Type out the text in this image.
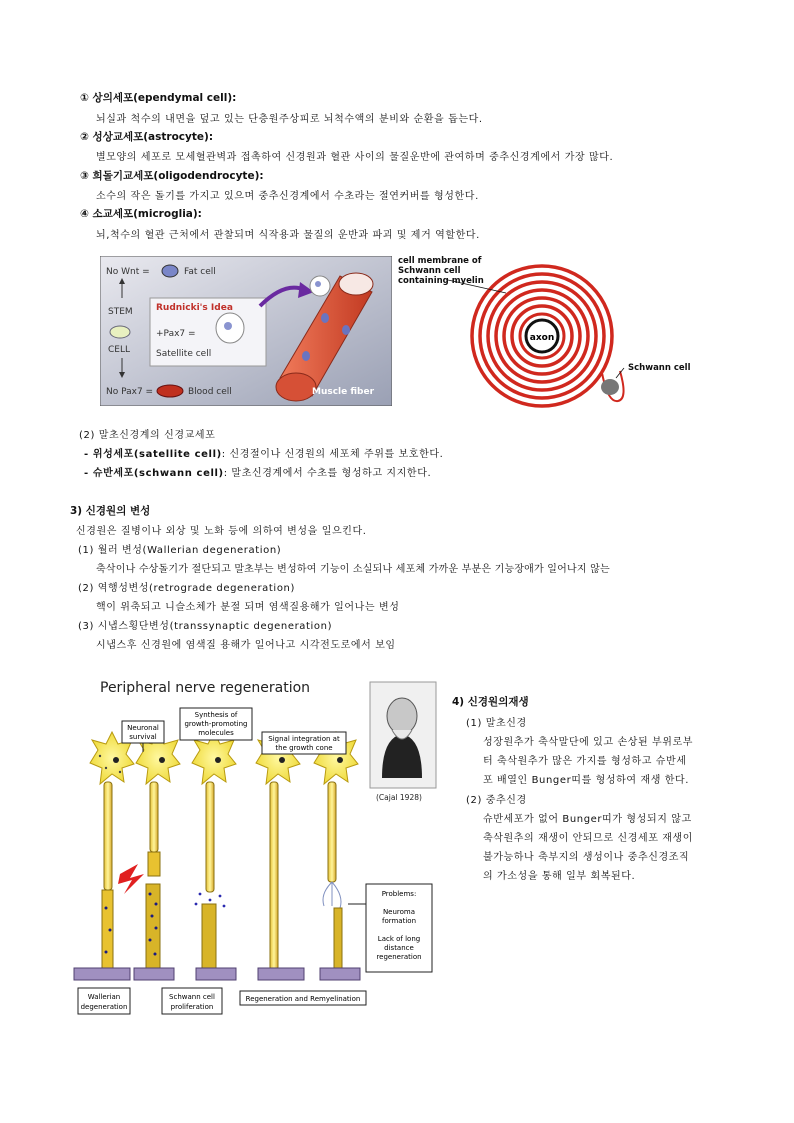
① 상의세포(ependymal cell):
뇌실과 척수의 내면을 덮고 있는 단층원주상피로 뇌척수액의 분비와 순환을 돕는다.
② 성상교세포(astrocyte):
별모양의 세포로 모세혈관벽과 접촉하여 신경원과 혈관 사이의 물질운반에 관여하며 중추신경계에서 가장 많다.
③ 희돌기교세포(oligodendrocyte):
소수의 작은 돌기를 가지고 있으며 중추신경계에서 수초라는 절연커버를 형성한다.
④ 소교세포(microglia):
뇌,척수의 혈관 근처에서 관찰되며 식작용과 물질의 운반과 파괴 및 제거 역할한다.
No Wnt =	Fat cell
STEM
CELL
No Pax7 =	Blood cell
Rudnicki's Idea
+Pax7 =
Satellite cell
Muscle fiber
cell membrane of
Schwann cell
containing myelin
axon
Schwann cell
(2) 말초신경계의 신경교세포
- 위성세포(satellite cell): 신경절이나 신경원의 세포체 주위를 보호한다.
- 슈반세포(schwann cell): 말초신경계에서 수초를 형성하고 지지한다.
3) 신경원의 변성
신경원은 질병이나 외상 및 노화 등에 의하여 변성을 일으킨다.
(1) 월러 변성(Wallerian degeneration)
축삭이나 수상돌기가 절단되고 말초부는 변성하여 기능이 소실되나 세포체 가까운 부분은 기능장애가 일어나지 않는
(2) 역행성변성(retrograde degeneration)
핵이 위축되고 니슬소체가 분절 되며 염색질용해가 일어나는 변성
(3) 시냅스횡단변성(transsynaptic degeneration)
시냅스후 신경원에 염색질 용해가 일어나고 시각전도로에서 보임
Peripheral nerve regeneration
Neuronal
survival
Synthesis of
growth-promoting
molecules
Signal integration at
the growth cone
(Cajal 1928)
Problems:
Neuroma
formation
Lack of long
distance
regeneration
Wallerian
degeneration
Schwann cell
proliferation
Regeneration and Remyelination
4) 신경원의재생
(1) 말초신경
성장원추가 축삭말단에 있고 손상된 부위로부
터 축삭원추가 많은 가지를 형성하고 슈반세
포 배열인 Bunger띠를 형성하여 재생 한다.
(2) 중추신경
슈반세포가 없어 Bunger띠가 형성되지 않고
축삭원추의 재생이 안되므로 신경세포 재생이
불가능하나 축부지의 생성이나 중추신경조직
의 가소성을 통해 일부 회복된다.
